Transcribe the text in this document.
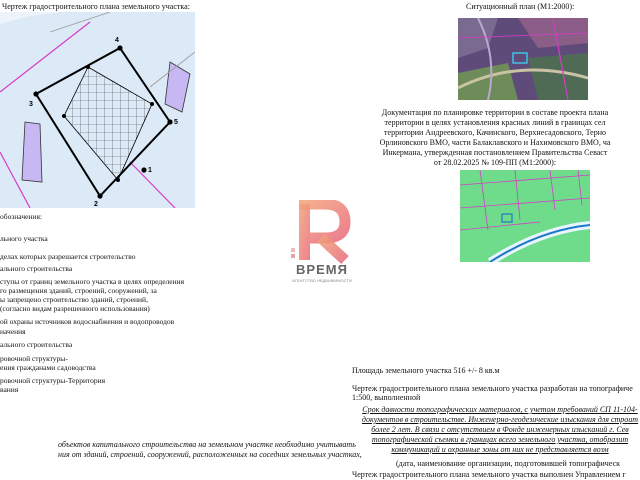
Чертеж градостроительного плана земельного участка:	Ситуационный план (М1:2000):
4
3
2
1
5
Документация по планировке территории в составе проекта плана
территории в целях установления красных линий в границах сел
территории Андреевского, Качинского, Верхнесадовского, Терно
Орлиновского ВМО, части Балаклавского и Нахимовского ВМО, ча
Инкермана, утвержденная постановлением Правительства Севаст
от 28.02.2025 № 109-ПП (М1:2000):
обозначения:
льного участка
делах которых разрешается строительство
ального строительства
ступы от границ земельного участка в целях определения
го размещения зданий, строений, сооружений, за
ы запрещено строительство зданий, строений,
(согласно видам разрешенного использования)
ой охраны источников водоснабжения и водопроводов
начения
ального строительства
ровочной структуры-
ения гражданами садоводства
ровочной структуры-Территория
вания
ВРЕМЯ
АГЕНТСТВО НЕДВИЖИМОСТИ
Площадь земельного участка 516 +/- 8 кв.м
Чертеж градостроительного плана земельного участка разработан на топографиче
1:500, выполненной
Срок давности топографических материалов, с учетом требований СП 11-104-
документов в строительстве. Инженерно-геодезические изыскания для строит
более 2 лет. В связи с отсутствием в Фонде инженерных изысканий г. Сев
топографической съемки в границах всего земельного участка, отобразит
коммуникаций и охранные зоны от них не представляется возм
(дата, наименование организации, подготовившей топографическ
Чертеж градостроительного плана земельного участка выполнен Управлением г
объектов капитального строительства на земельном участке необходимо учитывать
ния от зданий, строений, сооружений, расположенных на соседних земельных участках,
